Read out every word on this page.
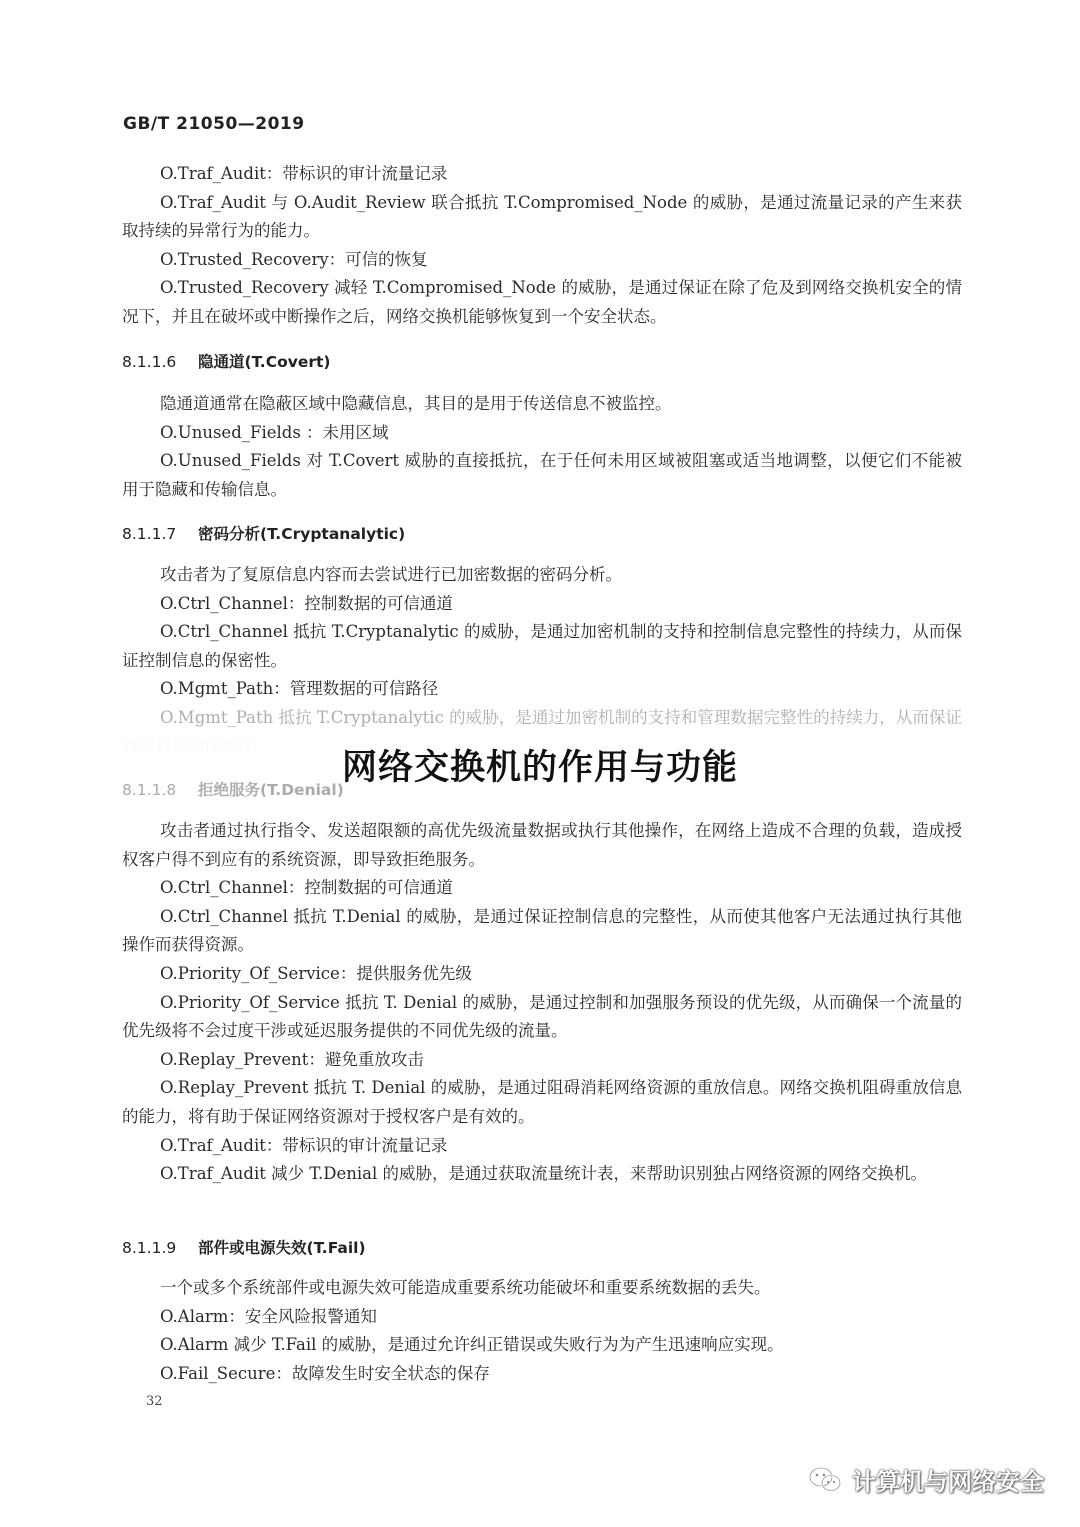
GB/T 21050—2019

O.Traf_Audit：带标识的审计流量记录

O.Traf_Audit 与 O.Audit_Review 联合抵抗 T.Compromised_Node 的威胁，是通过流量记录的产生来获取持续的异常行为的能力。

O.Trusted_Recovery：可信的恢复

O.Trusted_Recovery 减轻 T.Compromised_Node 的威胁，是通过保证在除了危及到网络交换机安全的情况下，并且在破坏或中断操作之后，网络交换机能够恢复到一个安全状态。

8.1.1.6 隐通道(T.Covert)

隐通道通常在隐蔽区域中隐藏信息，其目的是用于传送信息不被监控。

O.Unused_Fields ：未用区域

O.Unused_Fields 对 T.Covert 威胁的直接抵抗，在于任何未用区域被阻塞或适当地调整，以便它们不能被用于隐藏和传输信息。

8.1.1.7 密码分析(T.Cryptanalytic)

攻击者为了复原信息内容而去尝试进行已加密数据的密码分析。

O.Ctrl_Channel：控制数据的可信通道

O.Ctrl_Channel 抵抗 T.Cryptanalytic 的威胁，是通过加密机制的支持和控制信息完整性的持续力，从而保证控制信息的保密性。

O.Mgmt_Path：管理数据的可信路径

O.Mgmt_Path 抵抗 T.Cryptanalytic 的威胁，是通过加密机制的支持和管理数据完整性的持续力，从而保证

网络交换机的作用与功能
8.1.1.8 拒绝服务(T.Denial)

攻击者通过执行指令、发送超限额的高优先级流量数据或执行其他操作，在网络上造成不合理的负载，造成授权客户得不到应有的系统资源，即导致拒绝服务。

O.Ctrl_Channel：控制数据的可信通道

O.Ctrl_Channel 抵抗 T.Denial 的威胁，是通过保证控制信息的完整性，从而使其他客户无法通过执行其他操作而获得资源。

O.Priority_Of_Service：提供服务优先级

O.Priority_Of_Service 抵抗 T. Denial 的威胁，是通过控制和加强服务预设的优先级，从而确保一个流量的优先级将不会过度干涉或延迟服务提供的不同优先级的流量。

O.Replay_Prevent：避免重放攻击

O.Replay_Prevent 抵抗 T. Denial 的威胁，是通过阻碍消耗网络资源的重放信息。网络交换机阻碍重放信息的能力，将有助于保证网络资源对于授权客户是有效的。

O.Traf_Audit：带标识的审计流量记录

O.Traf_Audit 减少 T.Denial 的威胁，是通过获取流量统计表，来帮助识别独占网络资源的网络交换机。

8.1.1.9 部件或电源失效(T.Fail)

一个或多个系统部件或电源失效可能造成重要系统功能破坏和重要系统数据的丢失。

O.Alarm：安全风险报警通知

O.Alarm 减少 T.Fail 的威胁，是通过允许纠正错误或失败行为为产生迅速响应实现。

O.Fail_Secure：故障发生时安全状态的保存

32
计算机与网络安全
